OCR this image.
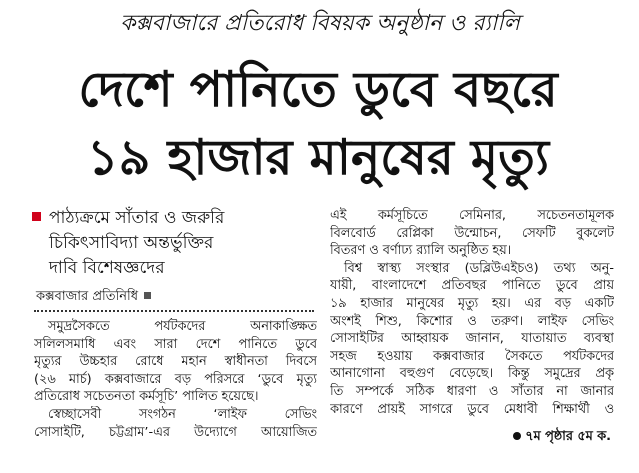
কক্সবাজারে প্রতিরোধ বিষয়ক অনুষ্ঠান ও র‍্যালি
দেশে পানিতে ডুবে বছরে
১৯ হাজার মানুষের মৃত্যু
পাঠ্যক্রমে সাঁতার ও জরুরি
চিকিৎসাবিদ্যা অন্তর্ভুক্তির
দাবি বিশেষজ্ঞদের
কক্সবাজার প্রতিনিধি
সমুদ্রসৈকতে পর্যটকদের অনাকাঙ্ক্ষিত
সলিলসমাধি এবং সারা দেশে পানিতে ডুবে
মৃত্যুর উচ্চহার রোধে মহান স্বাধীনতা দিবসে
(২৬ মার্চ) কক্সবাজারে বড় পরিসরে ‘ডুবে মৃত্যু
প্রতিরোধ সচেতনতা কর্মসূচি’ পালিত হয়েছে।
স্বেচ্ছাসেবী সংগঠন ‘লাইফ সেভিং
সোসাইটি, চট্টগ্রাম’-এর উদ্যোগে আয়োজিত
এই কর্মসূচিতে সেমিনার, সচেতনতামূলক
বিলবোর্ড রেপ্লিকা উন্মোচন, সেফটি বুকলেট
বিতরণ ও বর্ণাঢ্য র‍্যালি অনুষ্ঠিত হয়।
বিশ্ব স্বাস্থ্য সংস্থার (ডব্লিউএইচও) তথ্য অনু-
যায়ী, বাংলাদেশে প্রতিবছর পানিতে ডুবে প্রায়
১৯ হাজার মানুষের মৃত্যু হয়। এর বড় একটি
অংশই শিশু, কিশোর ও তরুণ। লাইফ সেভিং
সোসাইটির আহ্বায়ক জানান, যাতায়াত ব্যবস্থা
সহজ হওয়ায় কক্সবাজার সৈকতে পর্যটকদের
আনাগোনা বহুগুণ বেড়েছে। কিন্তু সমুদ্রের প্রকৃ
তি সম্পর্কে সঠিক ধারণা ও সাঁতার না জানার
কারণে প্রায়ই সাগরে ডুবে মেধাবী শিক্ষার্থী ও
৭ম পৃষ্ঠার ৫ম ক.
